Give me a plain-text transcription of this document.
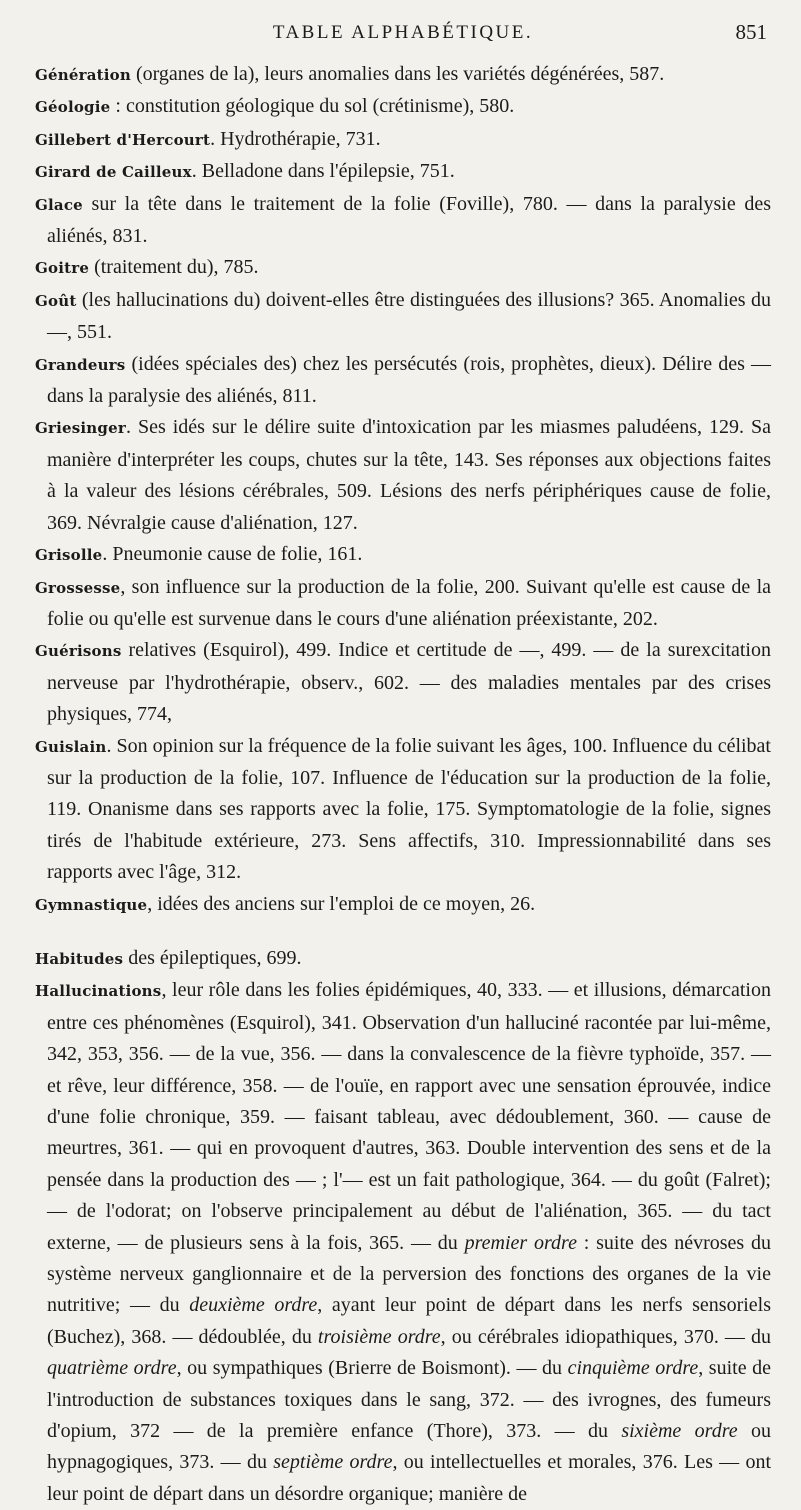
TABLE ALPHABÉTIQUE.	851

Génération (organes de la), leurs anomalies dans les variétés dégénérées, 587.

Géologie : constitution géologique du sol (crétinisme), 580.

Gillebert d'Hercourt. Hydrothérapie, 731.

Girard de Cailleux. Belladone dans l'épilepsie, 751.

Glace sur la tête dans le traitement de la folie (Foville), 780. — dans la paralysie des aliénés, 831.

Goitre (traitement du), 785.

Goût (les hallucinations du) doivent-elles être distinguées des illusions? 365. Anomalies du —, 551.

Grandeurs (idées spéciales des) chez les persécutés (rois, prophètes, dieux). Délire des — dans la paralysie des aliénés, 811.

Griesinger. Ses idés sur le délire suite d'intoxication par les miasmes paludéens, 129. Sa manière d'interpréter les coups, chutes sur la tête, 143. Ses réponses aux objections faites à la valeur des lésions cérébrales, 509. Lésions des nerfs périphériques cause de folie, 369. Névralgie cause d'aliénation, 127.

Grisolle. Pneumonie cause de folie, 161.

Grossesse, son influence sur la production de la folie, 200. Suivant qu'elle est cause de la folie ou qu'elle est survenue dans le cours d'une aliénation préexistante, 202.

Guérisons relatives (Esquirol), 499. Indice et certitude de —, 499. — de la surexcitation nerveuse par l'hydrothérapie, observ., 602. — des maladies mentales par des crises physiques, 774,

Guislain. Son opinion sur la fréquence de la folie suivant les âges, 100. Influence du célibat sur la production de la folie, 107. Influence de l'éducation sur la production de la folie, 119. Onanisme dans ses rapports avec la folie, 175. Symptomatologie de la folie, signes tirés de l'habitude extérieure, 273. Sens affectifs, 310. Impressionnabilité dans ses rapports avec l'âge, 312.

Gymnastique, idées des anciens sur l'emploi de ce moyen, 26.

Habitudes des épileptiques, 699.

Hallucinations, leur rôle dans les folies épidémiques, 40, 333. — et illusions, démarcation entre ces phénomènes (Esquirol), 341. Observation d'un halluciné racontée par lui-même, 342, 353, 356. — de la vue, 356. — dans la convalescence de la fièvre typhoïde, 357. — et rêve, leur différence, 358. — de l'ouïe, en rapport avec une sensation éprouvée, indice d'une folie chronique, 359. — faisant tableau, avec dédoublement, 360. — cause de meurtres, 361. — qui en provoquent d'autres, 363. Double intervention des sens et de la pensée dans la production des — ; l'— est un fait pathologique, 364. — du goût (Falret); — de l'odorat; on l'observe principalement au début de l'aliénation, 365. — du tact externe, — de plusieurs sens à la fois, 365. — du premier ordre : suite des névroses du système nerveux ganglionnaire et de la perversion des fonctions des organes de la vie nutritive; — du deuxième ordre, ayant leur point de départ dans les nerfs sensoriels (Buchez), 368. — dédoublée, du troisième ordre, ou cérébrales idiopathiques, 370. — du quatrième ordre, ou sympathiques (Brierre de Boismont). — du cinquième ordre, suite de l'introduction de substances toxiques dans le sang, 372. — des ivrognes, des fumeurs d'opium, 372 — de la première enfance (Thore), 373. — du sixième ordre ou hypnagogiques, 373. — du septième ordre, ou intellectuelles et morales, 376. Les — ont leur point de départ dans un désordre organique; manière de
